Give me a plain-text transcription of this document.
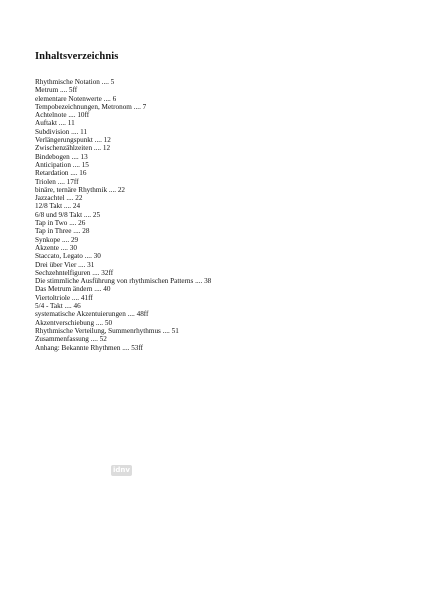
Inhaltsverzeichnis
Rhythmische Notation .... 5
Metrum .... 5ff
elementare Notenwerte .... 6
Tempobezeichnungen, Metronom .... 7
Achtelnote .... 10ff
Auftakt .... 11
Subdivision .... 11
Verlängerungspunkt .... 12
Zwischenzählzeiten .... 12
Bindebogen .... 13
Anticipation .... 15
Retardation .... 16
Triolen .... 17ff
binäre, ternäre Rhythmik .... 22
Jazzachtel .... 22
12/8 Takt .... 24
6/8 und 9/8 Takt .... 25
Tap in Two .... 26
Tap in Three .... 28
Synkope .... 29
Akzente .... 30
Staccato, Legato .... 30
Drei über Vier .... 31
Sechzehntelfiguren .... 32ff
Die stimmliche Ausführung von rhythmischen Patterns .... 38
Das Metrum ändern .... 40
Viertoltriole .... 41ff
5/4 - Takt .... 46
systematische Akzentuierungen .... 48ff
Akzentverschiebung .... 50
Rhythmische Verteilung, Summenrhythmus .... 51
Zusammenfassung .... 52
Anhang: Bekannte Rhythmen .... 53ff
idnv
